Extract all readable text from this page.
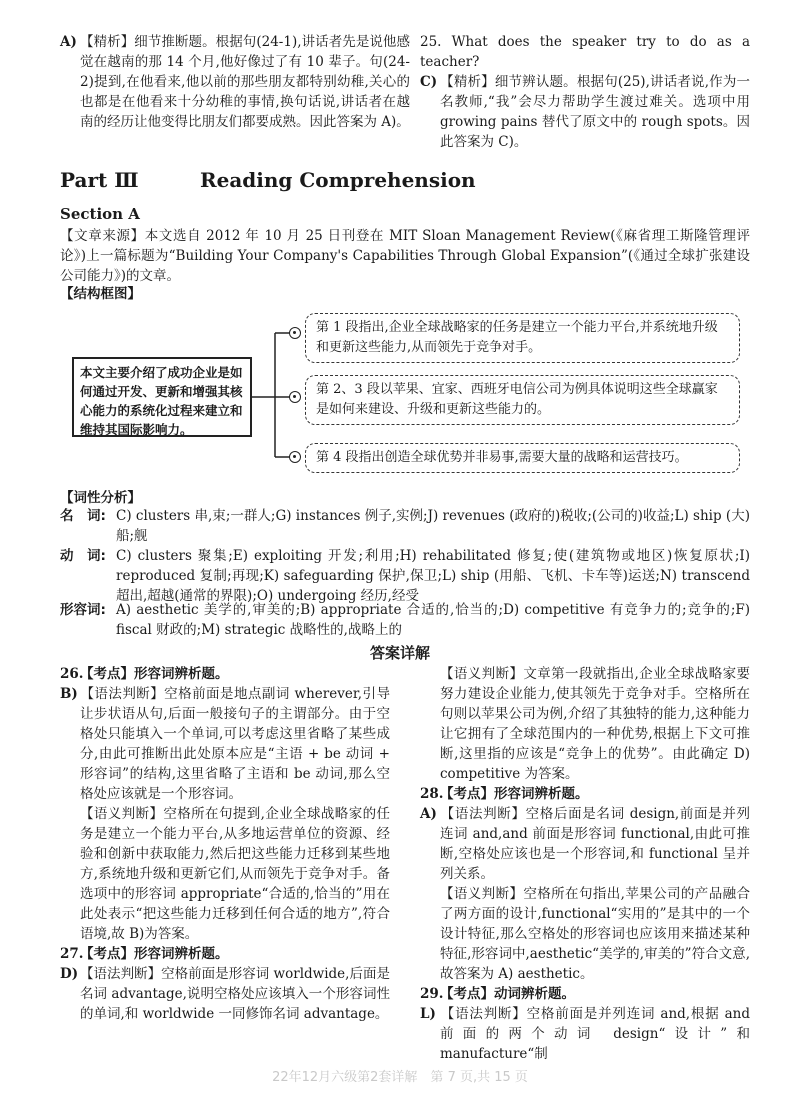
A) 【精析】细节推断题。根据句(24-1),讲话者先是说他感觉在越南的那 14 个月,他好像过了有 10 辈子。句(24-2)提到,在他看来,他以前的那些朋友都特别幼稚,关心的也都是在他看来十分幼稚的事情,换句话说,讲话者在越南的经历让他变得比朋友们都要成熟。因此答案为 A)。
25. What does the speaker try to do as a teacher?
C) 【精析】细节辨认题。根据句(25),讲话者说,作为一名教师,“我”会尽力帮助学生渡过难关。选项中用 growing pains 替代了原文中的 rough spots。因此答案为 C)。
Part Ⅲ	Reading Comprehension
Section A
【文章来源】本文选自 2012 年 10 月 25 日刊登在 MIT Sloan Management Review(《麻省理工斯隆管理评论》)上一篇标题为“Building Your Company's Capabilities Through Global Expansion”(《通过全球扩张建设公司能力》)的文章。
【结构框图】
本文主要介绍了成功企业是如何通过开发、更新和增强其核心能力的系统化过程来建立和维持其国际影响力。
第 1 段指出,企业全球战略家的任务是建立一个能力平台,并系统地升级和更新这些能力,从而领先于竞争对手。
第 2、3 段以苹果、宜家、西班牙电信公司为例具体说明这些全球赢家是如何来建设、升级和更新这些能力的。
第 4 段指出创造全球优势并非易事,需要大量的战略和运营技巧。
【词性分析】
名　词: C) clusters 串,束;一群人;G) instances 例子,实例;J) revenues (政府的)税收;(公司的)收益;L) ship (大)船;舰
动　词: C) clusters 聚集;E) exploiting 开发;利用;H) rehabilitated 修复;使(建筑物或地区)恢复原状;I) reproduced 复制;再现;K) safeguarding 保护,保卫;L) ship (用船、飞机、卡车等)运送;N) transcend 超出,超越(通常的界限);O) undergoing 经历,经受
形容词: A) aesthetic 美学的,审美的;B) appropriate 合适的,恰当的;D) competitive 有竞争力的;竞争的;F) fiscal 财政的;M) strategic 战略性的,战略上的
答案详解
26.【考点】形容词辨析题。
B) 【语法判断】空格前面是地点副词 wherever,引导让步状语从句,后面一般接句子的主谓部分。由于空格处只能填入一个单词,可以考虑这里省略了某些成分,由此可推断出此处原本应是“主语 + be 动词 + 形容词”的结构,这里省略了主语和 be 动词,那么空格处应该就是一个形容词。
【语义判断】空格所在句提到,企业全球战略家的任务是建立一个能力平台,从多地运营单位的资源、经验和创新中获取能力,然后把这些能力迁移到某些地方,系统地升级和更新它们,从而领先于竞争对手。备选项中的形容词 appropriate“合适的,恰当的”用在此处表示“把这些能力迁移到任何合适的地方”,符合语境,故 B)为答案。
27.【考点】形容词辨析题。
D) 【语法判断】空格前面是形容词 worldwide,后面是名词 advantage,说明空格处应该填入一个形容词性的单词,和 worldwide 一同修饰名词 advantage。
【语义判断】文章第一段就指出,企业全球战略家要努力建设企业能力,使其领先于竞争对手。空格所在句则以苹果公司为例,介绍了其独特的能力,这种能力让它拥有了全球范围内的一种优势,根据上下文可推断,这里指的应该是“竞争上的优势”。由此确定 D) competitive 为答案。
28.【考点】形容词辨析题。
A) 【语法判断】空格后面是名词 design,前面是并列连词 and,and 前面是形容词 functional,由此可推断,空格处应该也是一个形容词,和 functional 呈并列关系。
【语义判断】空格所在句指出,苹果公司的产品融合了两方面的设计,functional“实用的”是其中的一个设计特征,那么空格处的形容词也应该用来描述某种特征,形容词中,aesthetic“美学的,审美的”符合文意,故答案为 A) aesthetic。
29.【考点】动词辨析题。
L) 【语法判断】空格前面是并列连词 and,根据 and 前面的两个动词 design“设计”和 manufacture“制
22年12月六级第2套详解　第 7 页,共 15 页
